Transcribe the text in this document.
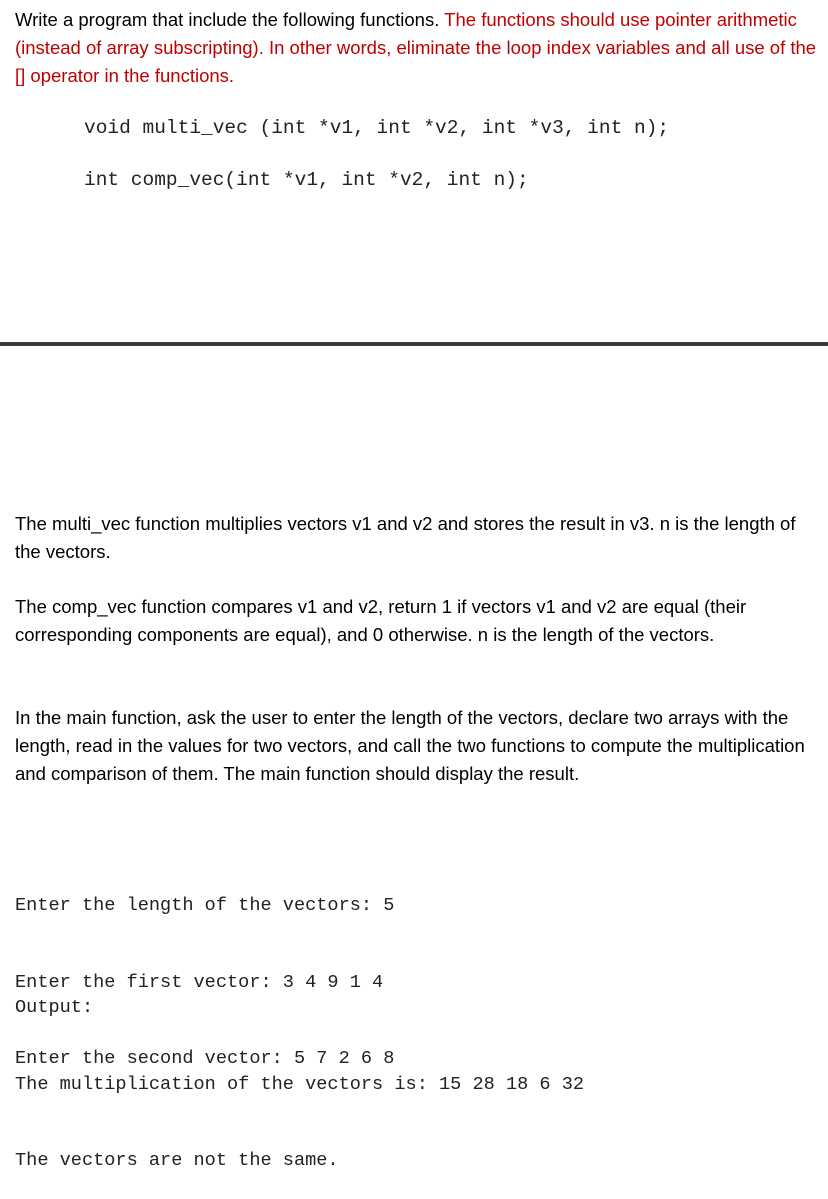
Write a program that include the following functions. The functions should use pointer arithmetic (instead of array subscripting). In other words, eliminate the loop index variables and all use of the [] operator in the functions.
void multi_vec (int *v1, int *v2, int *v3, int n);
int comp_vec(int *v1, int *v2, int n);
The multi_vec function multiplies vectors v1 and v2 and stores the result in v3. n is the length of the vectors.
The comp_vec function compares v1 and v2, return 1 if vectors v1 and v2 are equal (their corresponding components are equal), and 0 otherwise. n is the length of the vectors.
In the main function, ask the user to enter the length of the vectors, declare two arrays with the length, read in the values for two vectors, and call the two functions to compute the multiplication and comparison of them. The main function should display the result.

Enter the length of the vectors: 5

Enter the first vector: 3 4 9 1 4

Enter the second vector: 5 7 2 6 8

Output:

The multiplication of the vectors is: 15 28 18 6 32

The vectors are not the same.
